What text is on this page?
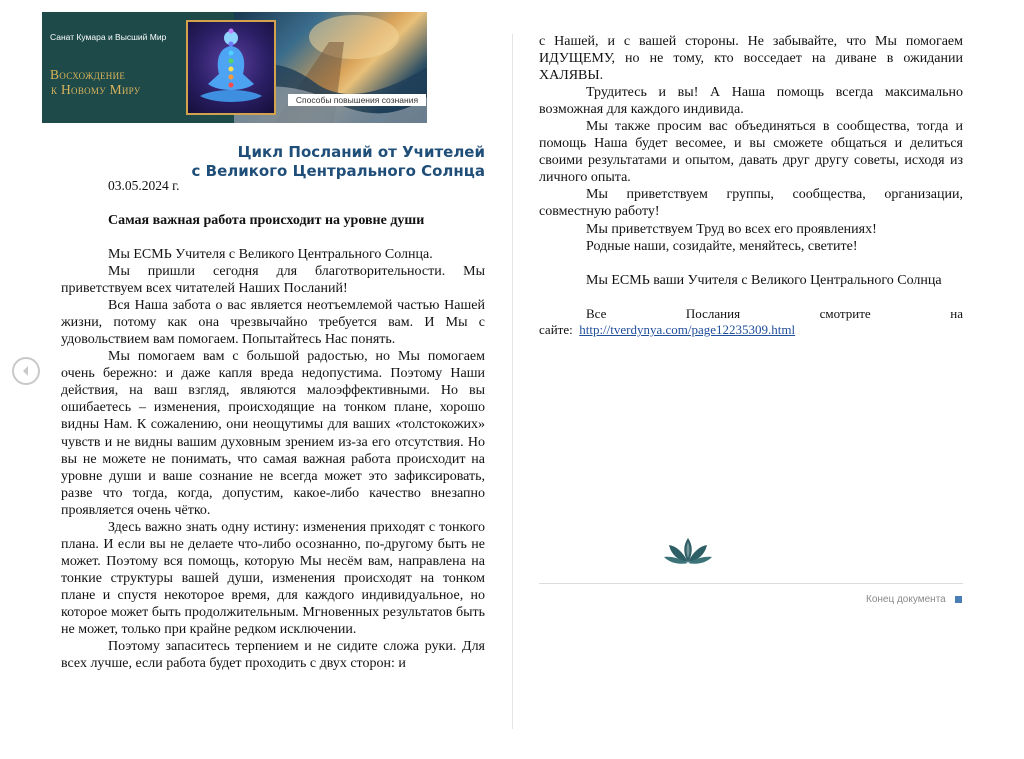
Санат Кумара и Высший Мир
Восхождение
к Новому Миру
Способы повышения сознания
Цикл Посланий от Учителей
с Великого Центрального Солнца
03.05.2024 г.
Самая важная работа происходит на уровне души

Мы ЕСМЬ Учителя с Великого Центрального Солнца.

Мы пришли сегодня для благотворительности. Мы приветствуем всех читателей Наших Посланий!

Вся Наша забота о вас является неотъемлемой частью Нашей жизни, потому как она чрезвычайно требуется вам. И Мы с удовольствием вам помогаем. Попытайтесь Нас понять.

Мы помогаем вам с большой радостью, но Мы помогаем очень бережно: и даже капля вреда недопустима. Поэтому Наши действия, на ваш взгляд, являются малоэффективными. Но вы ошибаетесь – изменения, происходящие на тонком плане, хорошо видны Нам. К сожалению, они неощутимы для ваших «толстокожих» чувств и не видны вашим духовным зрением из-за его отсутствия. Но вы не можете не понимать, что самая важная работа происходит на уровне души и ваше сознание не всегда может это зафиксировать, разве что тогда, когда, допустим, какое-либо качество внезапно проявляется очень чётко.

Здесь важно знать одну истину: изменения приходят с тонкого плана. И если вы не делаете что-либо осознанно, по-другому быть не может. Поэтому вся помощь, которую Мы несём вам, направлена на тонкие структуры вашей души, изменения происходят на тонком плане и спустя некоторое время, для каждого индивидуальное, но которое может быть продолжительным. Мгновенных результатов быть не может, только при крайне редком исключении.

Поэтому запаситесь терпением и не сидите сложа руки. Для всех лучше, если работа будет проходить с двух сторон: и

с Нашей, и с вашей стороны. Не забывайте, что Мы помогаем ИДУЩЕМУ, но не тому, кто восседает на диване в ожидании ХАЛЯВЫ.

Трудитесь и вы! А Наша помощь всегда максимально возможная для каждого индивида.

Мы также просим вас объединяться в сообщества, тогда и помощь Наша будет весомее, и вы сможете общаться и делиться своими результатами и опытом, давать друг другу советы, исходя из личного опыта.

Мы приветствуем группы, сообщества, организации, совместную работу!

Мы приветствуем Труд во всех его проявлениях!

Родные наши, созидайте, меняйтесь, светите!

Мы ЕСМЬ ваши Учителя с Великого Центрального Солнца

Все	Послания	смотрите	на
сайте: http://tverdynya.com/page12235309.html
Конец документа
